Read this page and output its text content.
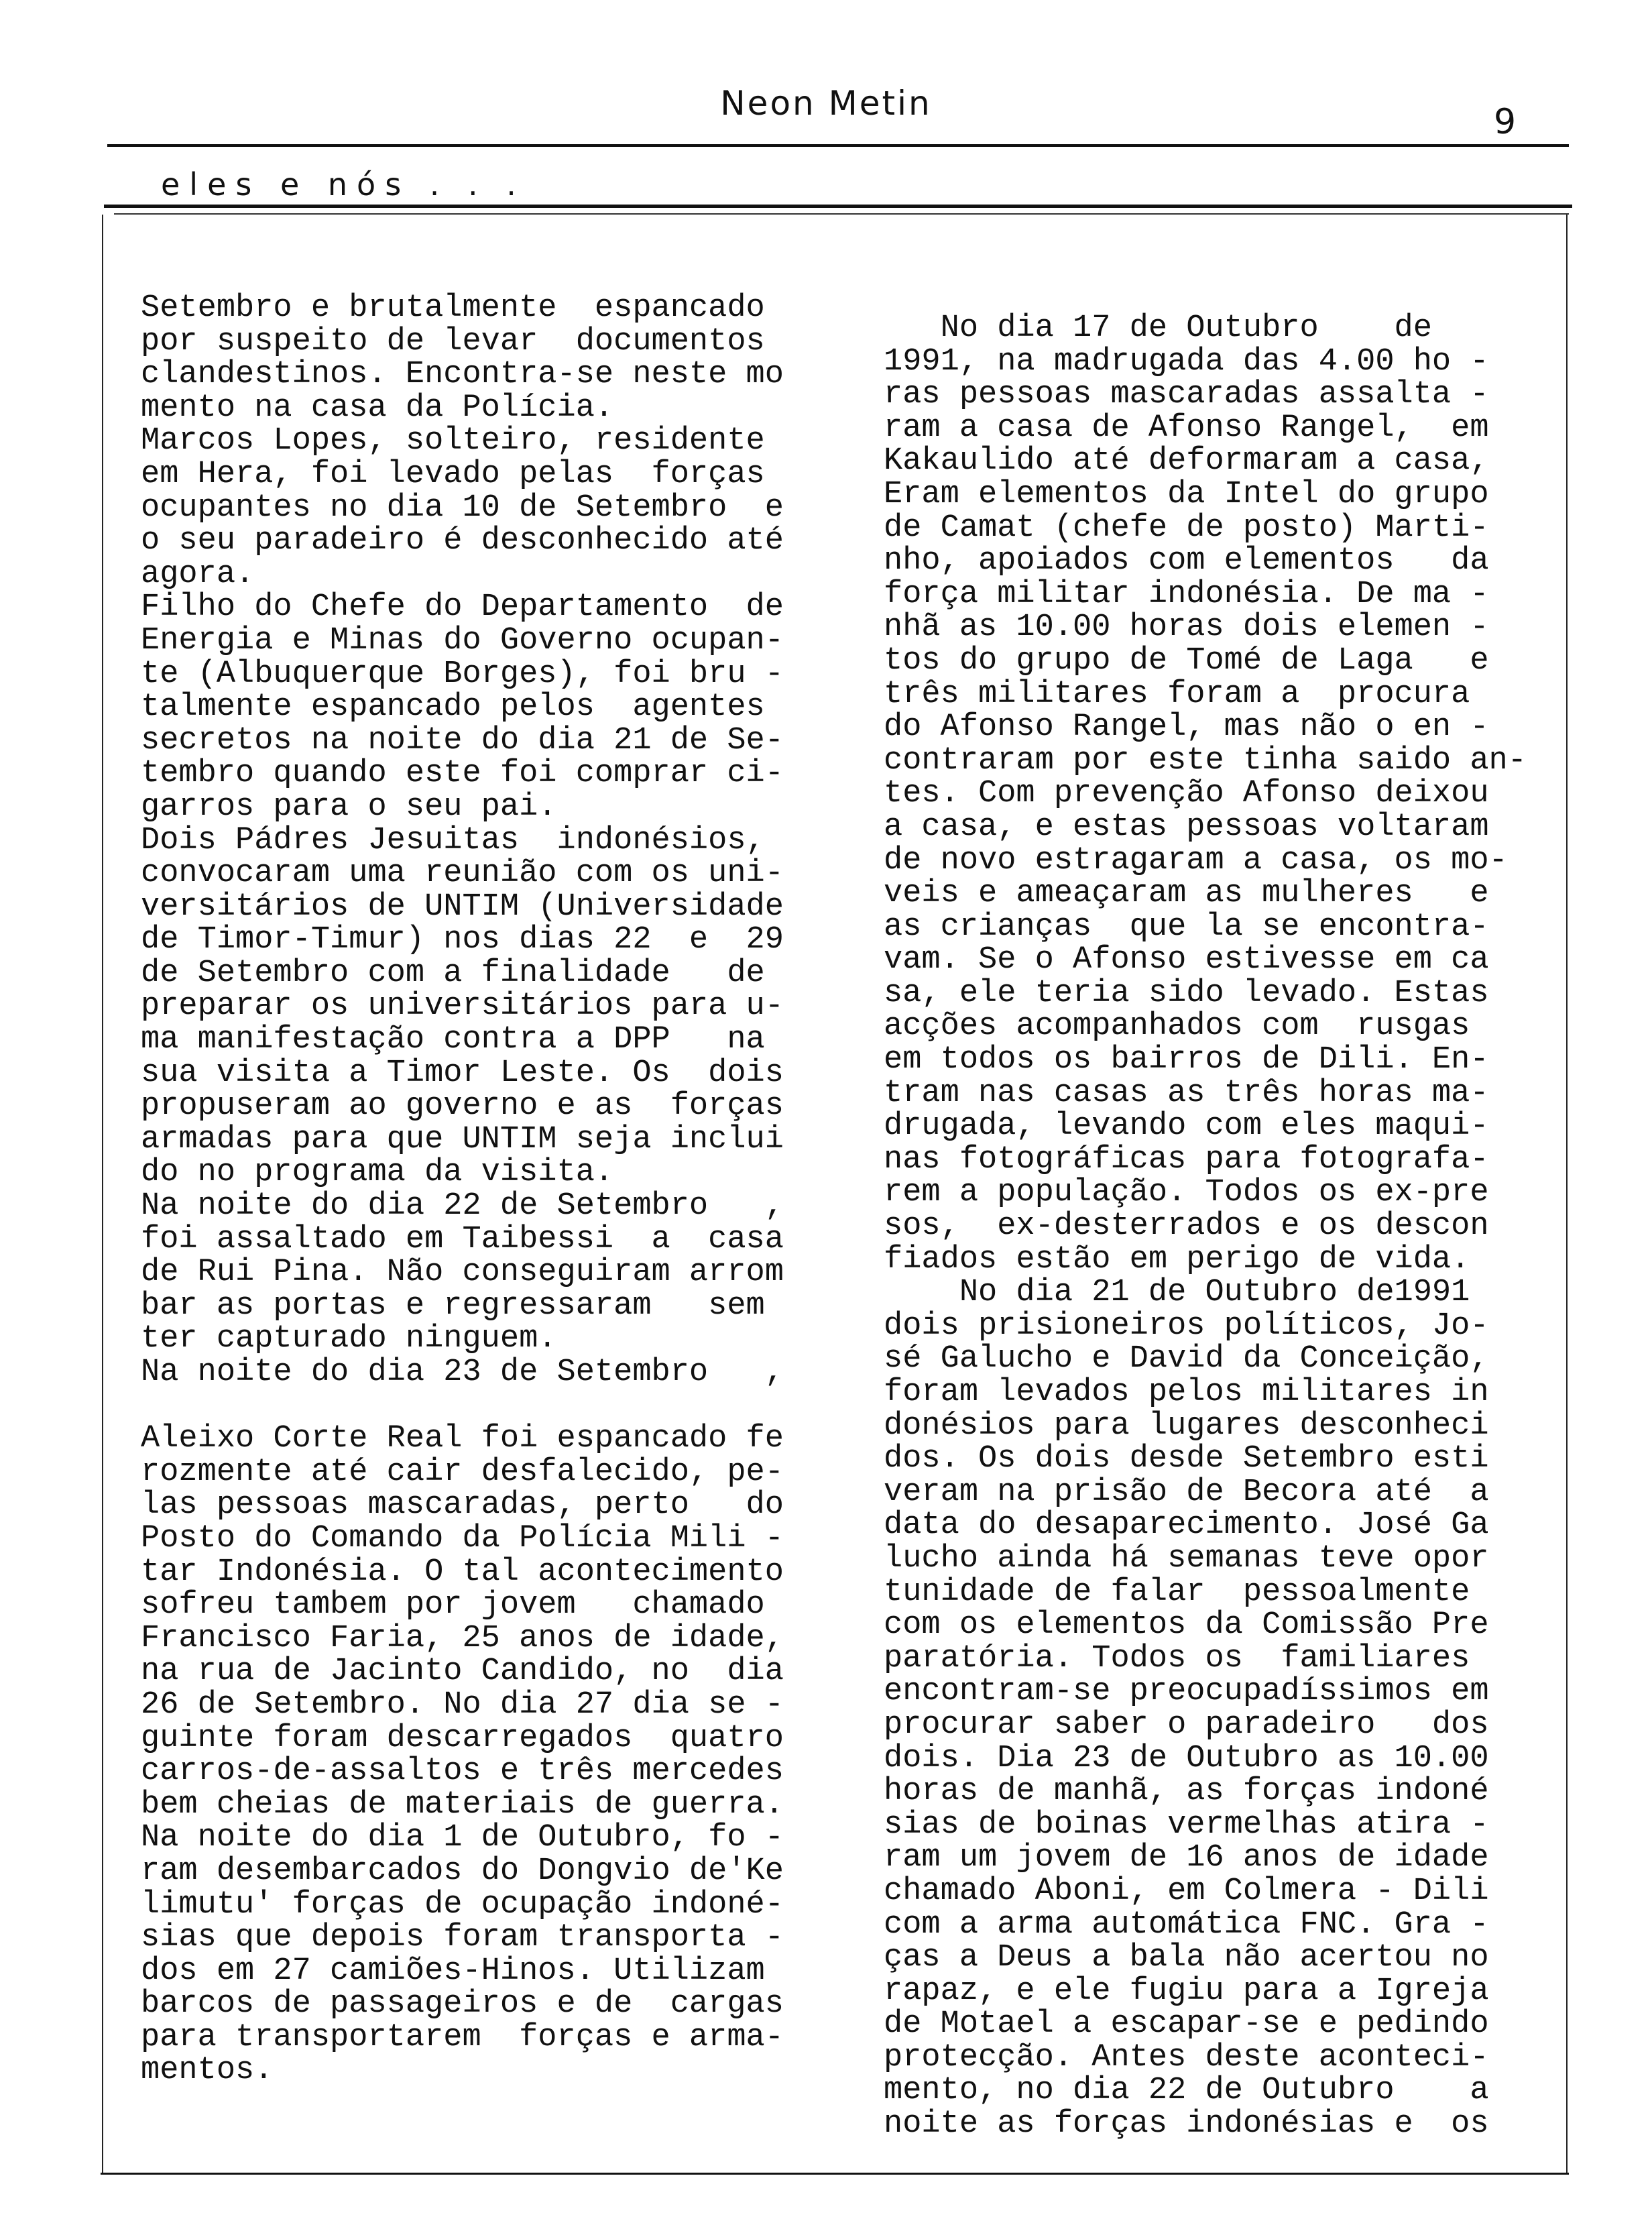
Neon Metin	9
eles e nós . . .
Setembro e brutalmente  espancado
por suspeito de levar  documentos
clandestinos. Encontra-se neste mo
mento na casa da Polícia.
Marcos Lopes, solteiro, residente
em Hera, foi levado pelas  forças
ocupantes no dia 10 de Setembro  e
o seu paradeiro é desconhecido até
agora.
Filho do Chefe do Departamento  de
Energia e Minas do Governo ocupan-
te (Albuquerque Borges), foi bru -
talmente espancado pelos  agentes
secretos na noite do dia 21 de Se-
tembro quando este foi comprar ci-
garros para o seu pai.
Dois Pádres Jesuitas  indonésios,
convocaram uma reunião com os uni-
versitários de UNTIM (Universidade
de Timor-Timur) nos dias 22  e  29
de Setembro com a finalidade   de
preparar os universitários para u-
ma manifestação contra a DPP   na
sua visita a Timor Leste. Os  dois
propuseram ao governo e as  forças
armadas para que UNTIM seja inclui
do no programa da visita.
Na noite do dia 22 de Setembro   ,
foi assaltado em Taibessi  a  casa
de Rui Pina. Não conseguiram arrom
bar as portas e regressaram   sem
ter capturado ninguem.
Na noite do dia 23 de Setembro   ,
Aleixo Corte Real foi espancado fe
rozmente até cair desfalecido, pe-
las pessoas mascaradas, perto   do
Posto do Comando da Polícia Mili -
tar Indonésia. O tal acontecimento
sofreu tambem por jovem   chamado
Francisco Faria, 25 anos de idade,
na rua de Jacinto Candido, no  dia
26 de Setembro. No dia 27 dia se -
guinte foram descarregados  quatro
carros-de-assaltos e três mercedes
bem cheias de materiais de guerra.
Na noite do dia 1 de Outubro, fo -
ram desembarcados do Dongvio de'Ke
limutu' forças de ocupação indoné-
sias que depois foram transporta -
dos em 27 camiões-Hinos. Utilizam
barcos de passageiros e de  cargas
para transportarem  forças e arma-
mentos.
No dia 17 de Outubro    de
1991, na madrugada das 4.00 ho -
ras pessoas mascaradas assalta -
ram a casa de Afonso Rangel,  em
Kakaulido até deformaram a casa,
Eram elementos da Intel do grupo
de Camat (chefe de posto) Marti-
nho, apoiados com elementos   da
força militar indonésia. De ma -
nhã as 10.00 horas dois elemen -
tos do grupo de Tomé de Laga   e
três militares foram a  procura
do Afonso Rangel, mas não o en -
contraram por este tinha saido an-
tes. Com prevenção Afonso deixou
a casa, e estas pessoas voltaram
de novo estragaram a casa, os mo-
veis e ameaçaram as mulheres   e
as crianças  que la se encontra-
vam. Se o Afonso estivesse em ca
sa, ele teria sido levado. Estas
acções acompanhados com  rusgas
em todos os bairros de Dili. En-
tram nas casas as três horas ma-
drugada, levando com eles maqui-
nas fotográficas para fotografa-
rem a população. Todos os ex-pre
sos,  ex-desterrados e os descon
fiados estão em perigo de vida.
No dia 21 de Outubro de1991
dois prisioneiros políticos, Jo-
sé Galucho e David da Conceição,
foram levados pelos militares in
donésios para lugares desconheci
dos. Os dois desde Setembro esti
veram na prisão de Becora até  a
data do desaparecimento. José Ga
lucho ainda há semanas teve opor
tunidade de falar  pessoalmente
com os elementos da Comissão Pre
paratória. Todos os  familiares
encontram-se preocupadíssimos em
procurar saber o paradeiro   dos
dois. Dia 23 de Outubro as 10.00
horas de manhã, as forças indoné
sias de boinas vermelhas atira -
ram um jovem de 16 anos de idade
chamado Aboni, em Colmera - Dili
com a arma automática FNC. Gra -
ças a Deus a bala não acertou no
rapaz, e ele fugiu para a Igreja
de Motael a escapar-se e pedindo
protecção. Antes deste aconteci-
mento, no dia 22 de Outubro    a
noite as forças indonésias e  os
